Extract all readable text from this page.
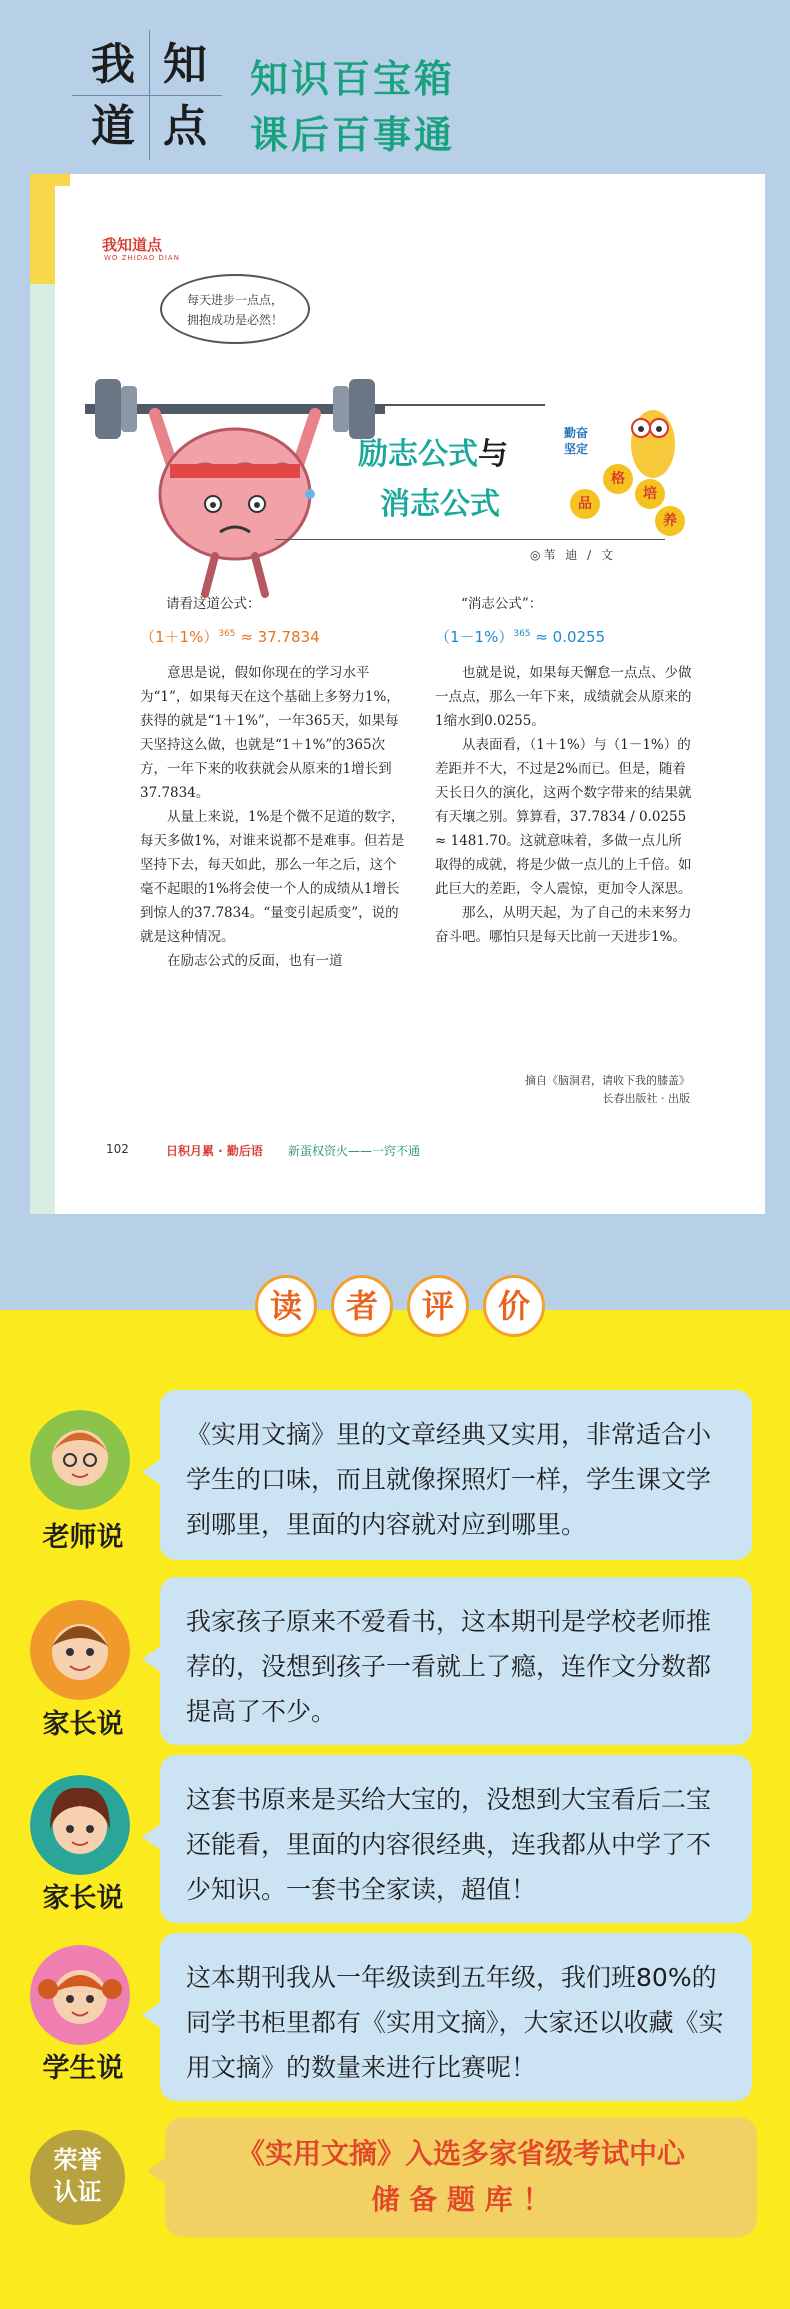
我 知
道 点
知识百宝箱
课后百事通
我知道点
WO ZHIDAO DIAN
每天进步一点点，
拥抱成功是必然！
励志公式与
消志公式
◎苇 迪 / 文
勤奋
坚定
品
格
培
养

请看这道公式：

$(1+1\%)^{365} \approx 37.7834$

意思是说，假如你现在的学习水平为“1”，如果每天在这个基础上多努力1%，获得的就是“1＋1%”，一年365天，如果每天坚持这么做，也就是“1＋1%”的365次方，一年下来的收获就会从原来的1增长到37.7834。

从量上来说，1%是个微不足道的数字，每天多做1%，对谁来说都不是难事。但若是坚持下去，每天如此，那么一年之后，这个毫不起眼的1%将会使一个人的成绩从1增长到惊人的37.7834。“量变引起质变”，说的就是这种情况。

在励志公式的反面，也有一道

“消志公式”：

$(1-1\%)^{365} \approx 0.0255$

也就是说，如果每天懈怠一点点、少做一点点，那么一年下来，成绩就会从原来的1缩水到0.0255。

从表面看，（1＋1%）与（1－1%）的差距并不大，不过是2%而已。但是，随着天长日久的演化，这两个数字带来的结果就有天壤之别。算算看，37.7834 / 0.0255 ≈ 1481.70。这就意味着，多做一点儿所取得的成就，将是少做一点儿的上千倍。如此巨大的差距，令人震惊，更加令人深思。

那么，从明天起，为了自己的未来努力奋斗吧。哪怕只是每天比前一天进步1%。

摘自《脑洞君，请收下我的膝盖》
长春出版社 · 出版
102	日积月累 · 勤后语 新蛋权资火——一窍不通
读	者	评	价
老师说
《实用文摘》里的文章经典又实用，非常适合小学生的口味，而且就像探照灯一样，学生课文学到哪里，里面的内容就对应到哪里。
家长说
我家孩子原来不爱看书，这本期刊是学校老师推荐的，没想到孩子一看就上了瘾，连作文分数都提高了不少。
家长说
这套书原来是买给大宝的，没想到大宝看后二宝还能看，里面的内容很经典，连我都从中学了不少知识。一套书全家读，超值！
学生说
这本期刊我从一年级读到五年级，我们班80%的同学书柜里都有《实用文摘》，大家还以收藏《实用文摘》的数量来进行比赛呢！
荣誉
认证
《实用文摘》入选多家省级考试中心
储 备 题 库 ！
